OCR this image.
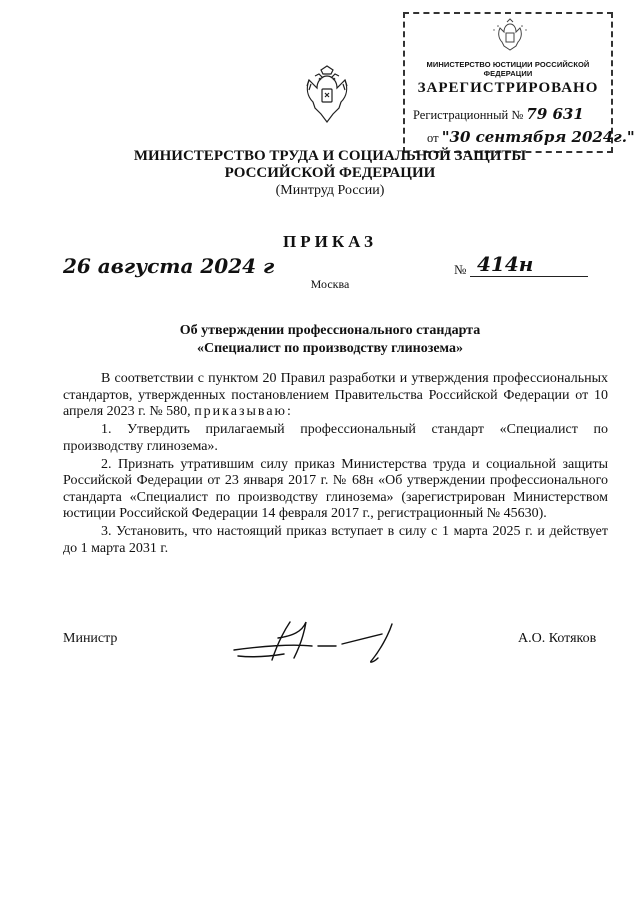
МИНИСТЕРСТВО ЮСТИЦИИ РОССИЙСКОЙ ФЕДЕРАЦИИ
ЗАРЕГИСТРИРОВАНО
Регистрационный № 79 631
от "30 сентября 2024г."
МИНИСТЕРСТВО ТРУДА И СОЦИАЛЬНОЙ ЗАЩИТЫ
РОССИЙСКОЙ ФЕДЕРАЦИИ
(Минтруд России)
ПРИКАЗ
26 августа 2024 г
Москва
№ 414н
Об утверждении профессионального стандарта
«Специалист по производству глинозема»

В соответствии с пунктом 20 Правил разработки и утверждения профессиональных стандартов, утвержденных постановлением Правительства Российской Федерации от 10 апреля 2023 г. № 580, приказываю:

1. Утвердить прилагаемый профессиональный стандарт «Специалист по производству глинозема».

2. Признать утратившим силу приказ Министерства труда и социальной защиты Российской Федерации от 23 января 2017 г. № 68н «Об утверждении профессионального стандарта «Специалист по производству глинозема» (зарегистрирован Министерством юстиции Российской Федерации 14 февраля 2017 г., регистрационный № 45630).

3. Установить, что настоящий приказ вступает в силу с 1 марта 2025 г. и действует до 1 марта 2031 г.

Министр	А.О. Котяков
